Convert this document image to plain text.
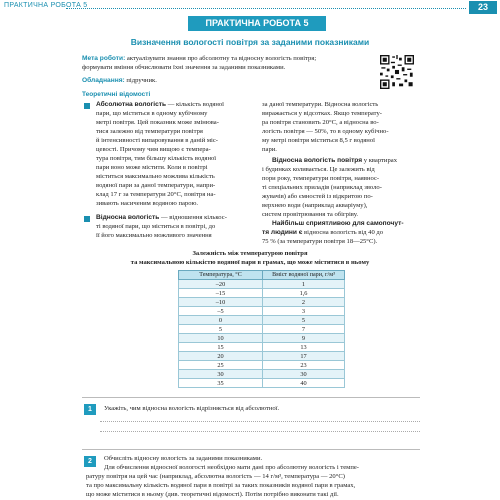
ПРАКТИЧНА РОБОТА 5	23
ПРАКТИЧНА РОБОТА 5
Визначення вологості повітря за заданими показниками
Мета роботи: актуалізувати знання про абсолютну та відносну вологість повітря;
формувати вміння обчислювати їхні значення за заданими показниками.
Обладнання: підручник.
Теоретичні відомості
Абсолютна вологість — кількість водяної
пари, що міститься в одному кубічному
метрі повітря. Цей показник може змінюва-
тися залежно від температури повітря
й інтенсивності випаровування в даній міс-
цевості. Причому чим вищою є темпера-
тура повітря, тим більшу кількість водяної
пари воно може містити. Коли в повітрі
міститься максимально можлива кількість
водяної пари за даної температури, напри-
клад 17 г за температури 20°С, повітря на-
зивають насиченим водяною парою.
Відносна вологість — відношення кількос-
ті водяної пари, що міститься в повітрі, до
її його максимально можливого значення
за даної температури. Відносна вологість
виражається у відсотках. Якщо температу-
ра повітря становить 20°С, а відносна во-
логість повітря — 50%, то в одному кубічно-
му метрі повітря міститься 8,5 г водяної
пари.
Відносна вологість повітря у квартирах
і будинках коливається. Це залежить від
пори року, температури повітря, наявнос-
ті спеціальних приладів (наприклад зволо-
жувачів) або ємностей із відкритою по-
верхнею води (наприклад акваріуму),
систем провітрювання та обігріву.
Найбільш сприятливою для самопочут-
тя людини є відносна вологість від 40 до
75 % (за температури повітря 18—25°С).
Залежність між температурою повітря
та максимальною кількістю водяної пари в грамах, що може міститися в ньому
Температура, °С	Вміст водяної пари, г/м³
–20	1
–15	1,6
–10	2
–5	3
0	5
5	7
10	9
15	13
20	17
25	23
30	30
35	40
1	Укажіть, чим відносна вологість відрізняється від абсолютної.
2	Обчисліть відносну вологість за заданими показниками.
Для обчислення відносної вологості необхідно мати дані про абсолютну вологість і темпе-
ратуру повітря на цей час (наприклад, абсолютна вологість — 14 г/м³, температура — 20°С)
та про максимальну кількість водяної пари в повітрі за таких показників водяної пари в грамах,
що може міститися в ньому (див. теоретичні відомості). Потім потрібно виконати такі дії.
